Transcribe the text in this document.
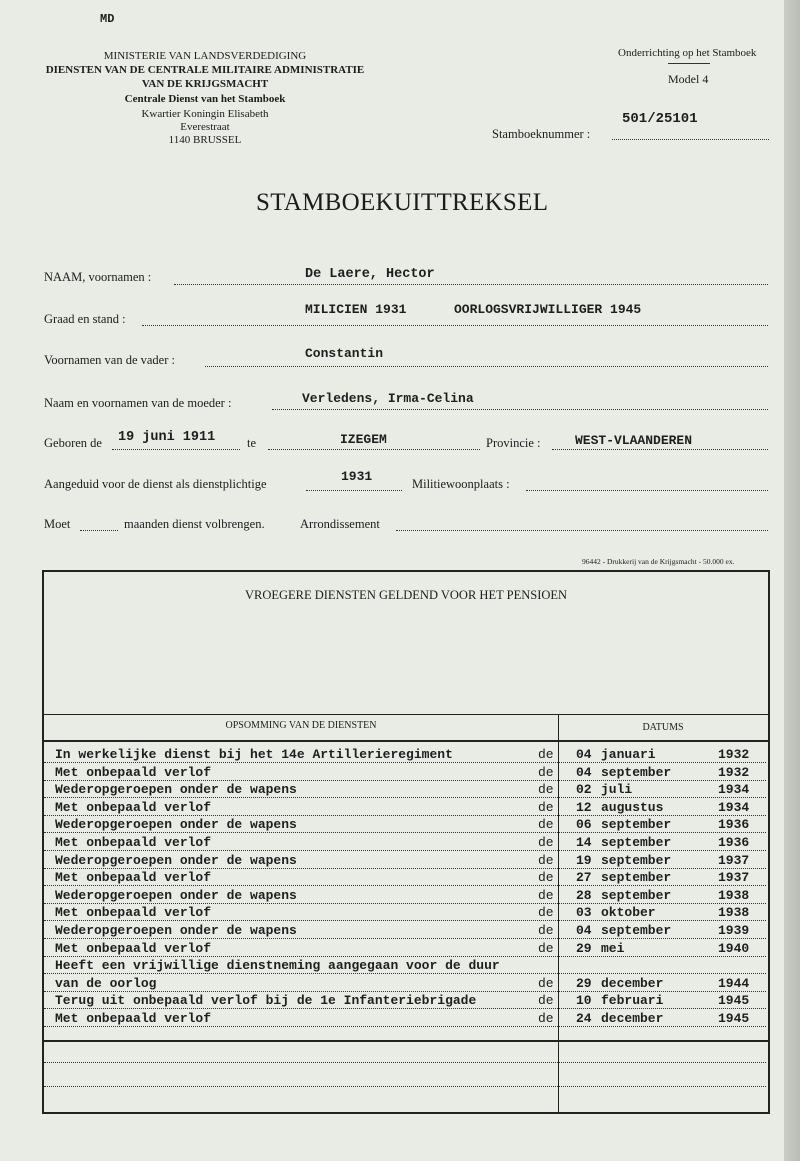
MD
MINISTERIE VAN LANDSVERDEDIGING
DIENSTEN VAN DE CENTRALE MILITAIRE ADMINISTRATIE
VAN DE KRIJGSMACHT
Centrale Dienst van het Stamboek
Kwartier Koningin Elisabeth
Everestraat
1140 BRUSSEL
Onderrichting op het Stamboek
Model 4
501/25101
Stamboeknummer :
STAMBOEKUITTREKSEL
NAAM, voornamen :	De Laere, Hector
Graad en stand :
MILICIEN 1931	OORLOGSVRIJWILLIGER 1945
Voornamen van de vader :	Constantin
Naam en voornamen van de moeder :	Verledens, Irma-Celina
Geboren de 19 juni 1911	te	IZEGEM	Provincie :	WEST-VLAANDEREN
Aangeduid voor de dienst als dienstplichtige	1931	Militiewoonplaats :
Moet	maanden dienst volbrengen.	Arrondissement
96442 - Drukkerij van de Krijgsmacht - 50.000 ex.
VROEGERE DIENSTEN GELDEND VOOR HET PENSIOEN
OPSOMMING VAN DE DIENSTEN	DATUMS
In werkelijke dienst bij het 14e Artillerieregiment	de 04 januari	1932
Met onbepaald verlof	de 04 september	1932
Wederopgeroepen onder de wapens	de 02 juli	1934
Met onbepaald verlof	de 12 augustus	1934
Wederopgeroepen onder de wapens	de 06 september	1936
Met onbepaald verlof	de 14 september	1936
Wederopgeroepen onder de wapens	de 19 september	1937
Met onbepaald verlof	de 27 september	1937
Wederopgeroepen onder de wapens	de 28 september	1938
Met onbepaald verlof	de 03 oktober	1938
Wederopgeroepen onder de wapens	de 04 september	1939
Met onbepaald verlof	de 29 mei	1940
Heeft een vrijwillige dienstneming aangegaan voor de duur
van de oorlog	de 29 december	1944
Terug uit onbepaald verlof bij de 1e Infanteriebrigade	de 10 februari	1945
Met onbepaald verlof	de 24 december	1945
